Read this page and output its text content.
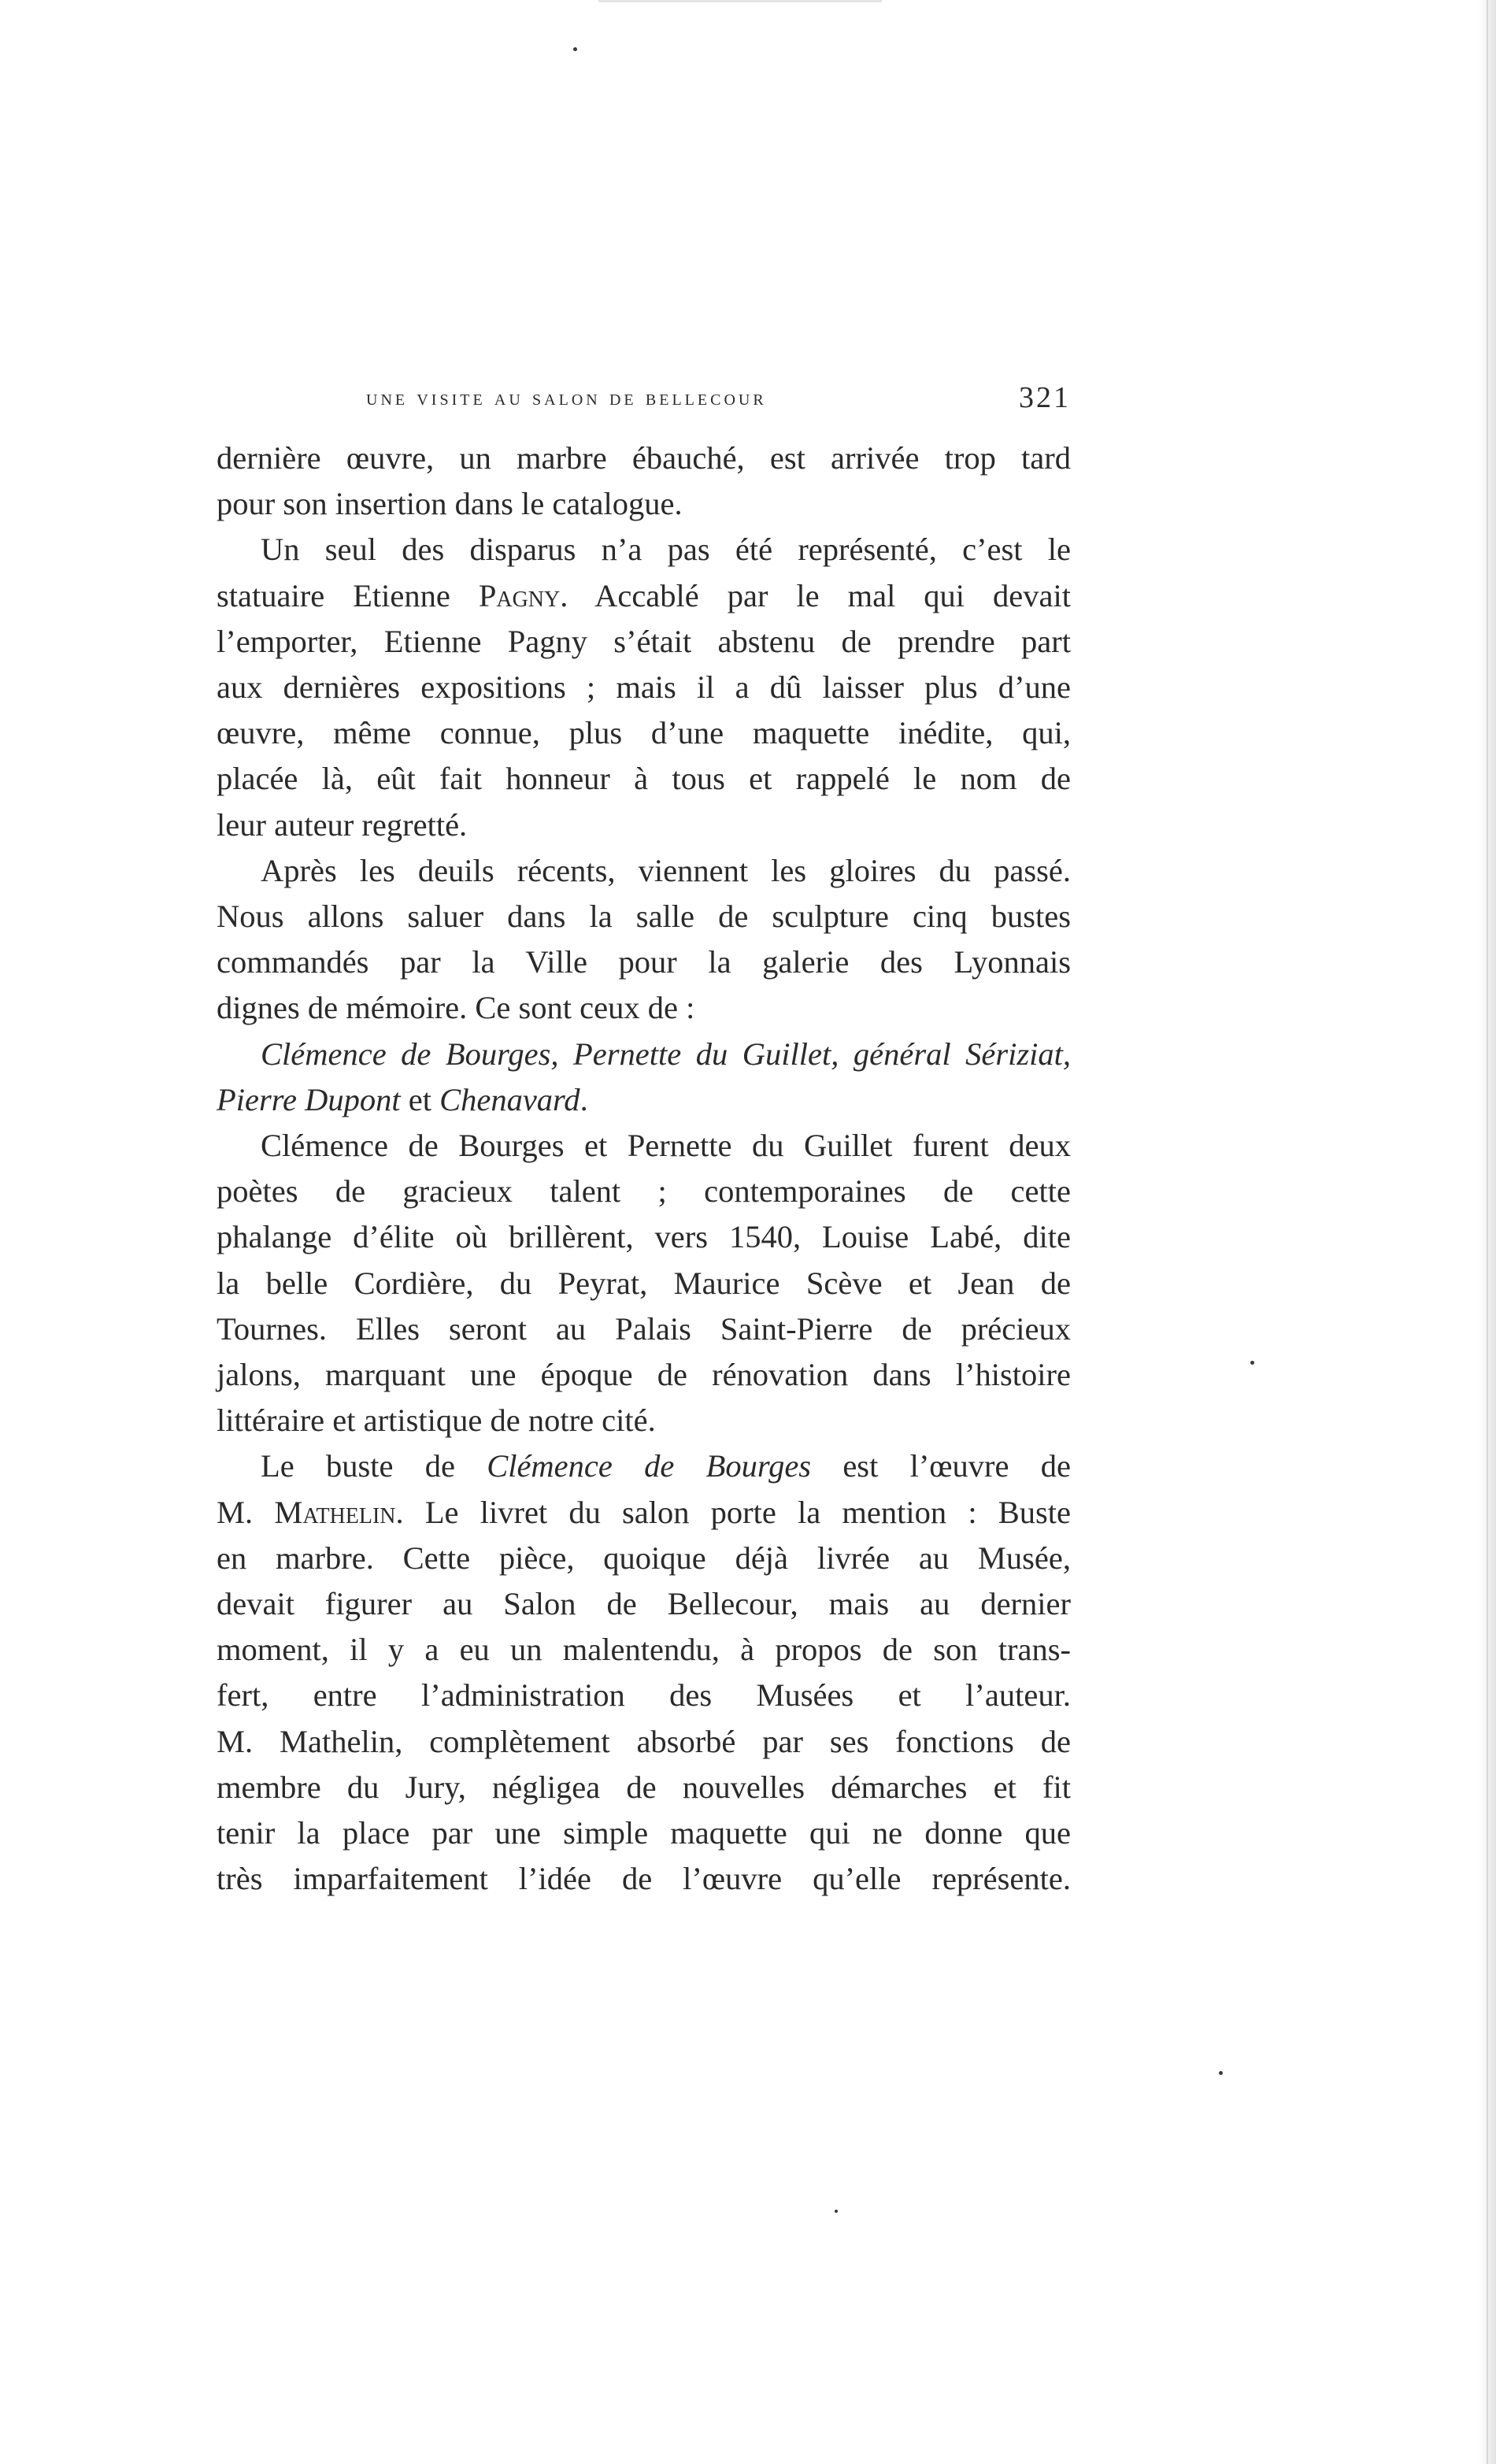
une visite au salon de bellecour	321

dernière œuvre, un marbre ébauché, est arrivée trop tard

pour son insertion dans le catalogue.

Un seul des disparus n’a pas été représenté, c’est le

statuaire Etienne Pagny. Accablé par le mal qui devait

l’emporter, Etienne Pagny s’était abstenu de prendre part

aux dernières expositions ; mais il a dû laisser plus d’une

œuvre, même connue, plus d’une maquette inédite, qui,

placée là, eût fait honneur à tous et rappelé le nom de

leur auteur regretté.

Après les deuils récents, viennent les gloires du passé.

Nous allons saluer dans la salle de sculpture cinq bustes

commandés par la Ville pour la galerie des Lyonnais

dignes de mémoire. Ce sont ceux de :

Clémence de Bourges, Pernette du Guillet, général Sériziat,

Pierre Dupont et Chenavard.

Clémence de Bourges et Pernette du Guillet furent deux

poètes de gracieux talent ; contemporaines de cette

phalange d’élite où brillèrent, vers 1540, Louise Labé, dite

la belle Cordière, du Peyrat, Maurice Scève et Jean de

Tournes. Elles seront au Palais Saint-Pierre de précieux

jalons, marquant une époque de rénovation dans l’histoire

littéraire et artistique de notre cité.

Le buste de Clémence de Bourges est l’œuvre de

M. Mathelin. Le livret du salon porte la mention : Buste

en marbre. Cette pièce, quoique déjà livrée au Musée,

devait figurer au Salon de Bellecour, mais au dernier

moment, il y a eu un malentendu, à propos de son trans-

fert, entre l’administration des Musées et l’auteur.

M. Mathelin, complètement absorbé par ses fonctions de

membre du Jury, négligea de nouvelles démarches et fit

tenir la place par une simple maquette qui ne donne que

très imparfaitement l’idée de l’œuvre qu’elle représente.
